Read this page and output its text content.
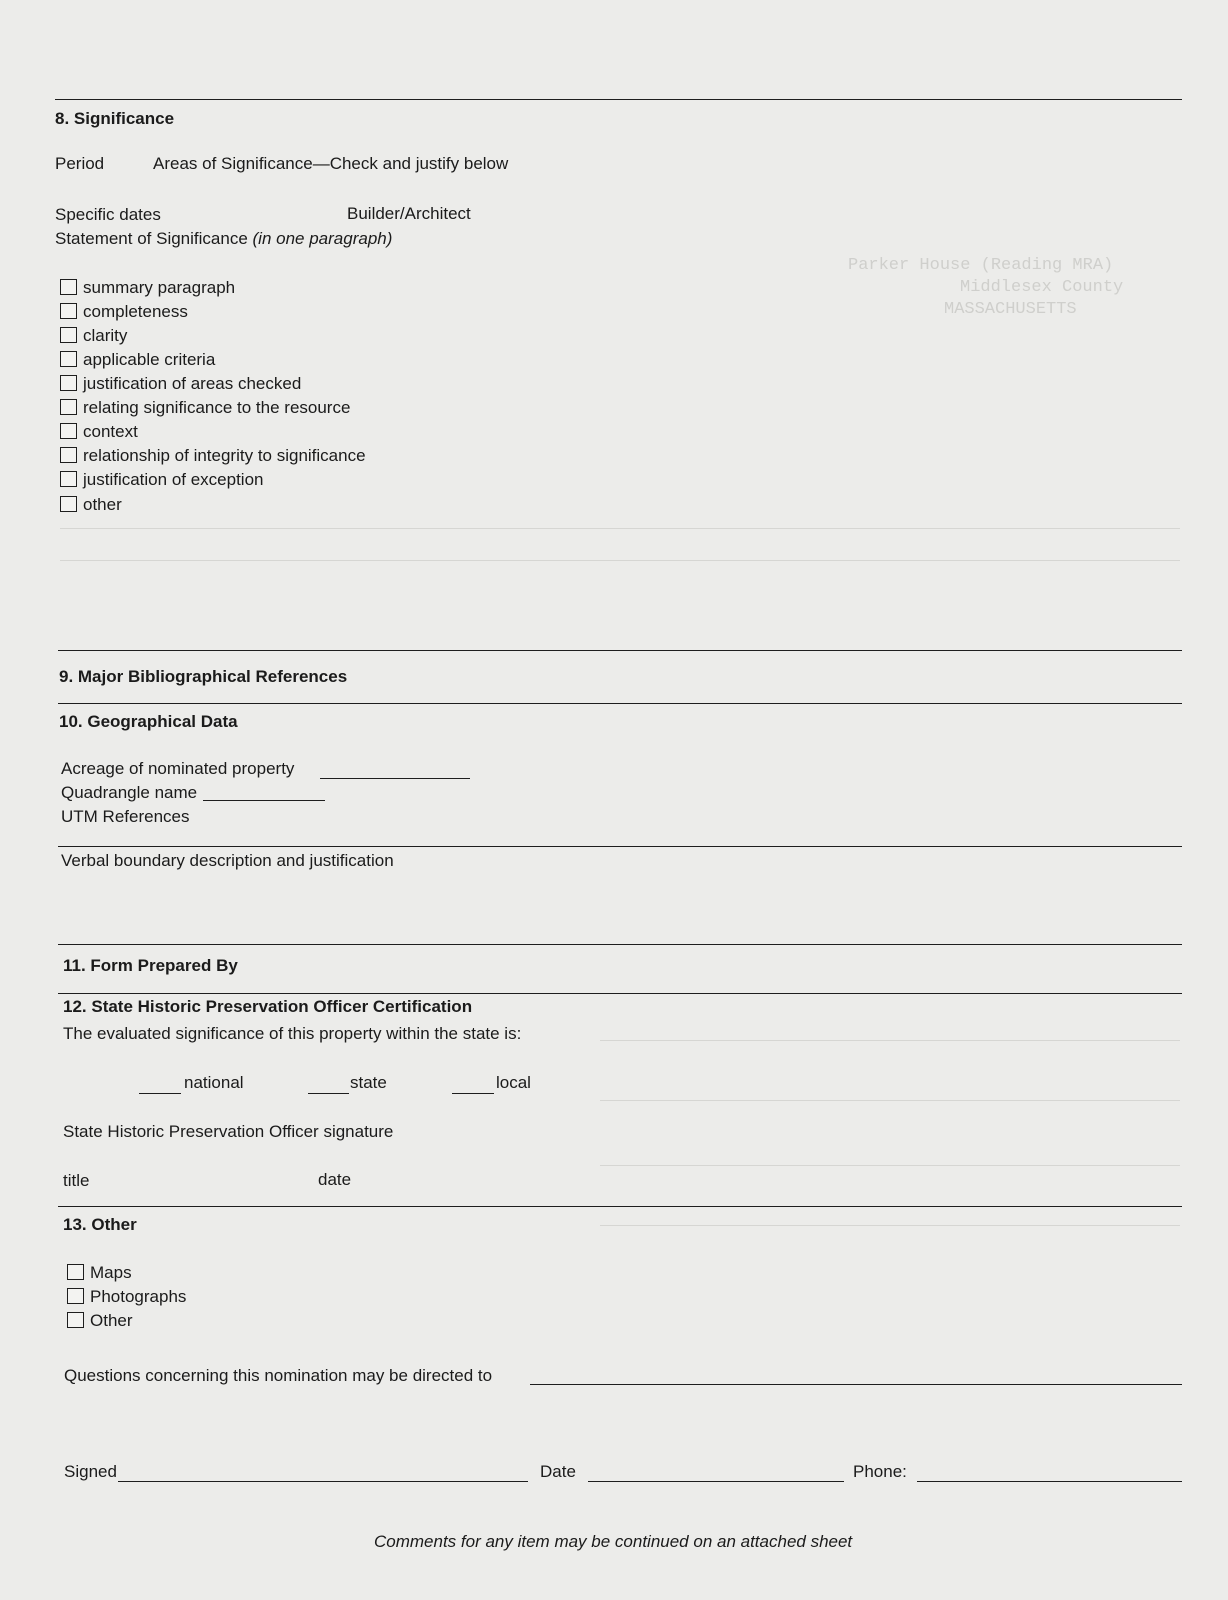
Parker House (Reading MRA)
Middlesex County
MASSACHUSETTS
8. Significance
Period	Areas of Significance—Check and justify below
Specific dates	Builder/Architect
Statement of Significance (in one paragraph)
summary paragraph
completeness
clarity
applicable criteria
justification of areas checked
relating significance to the resource
context
relationship of integrity to significance
justification of exception
other
9. Major Bibliographical References
10. Geographical Data
Acreage of nominated property
Quadrangle name
UTM References
Verbal boundary description and justification
11. Form Prepared By
12. State Historic Preservation Officer Certification
The evaluated significance of this property within the state is:
national	state	local
State Historic Preservation Officer signature
title	date
13. Other
Maps
Photographs
Other
Questions concerning this nomination may be directed to
Signed	Date	Phone:
Comments for any item may be continued on an attached sheet
